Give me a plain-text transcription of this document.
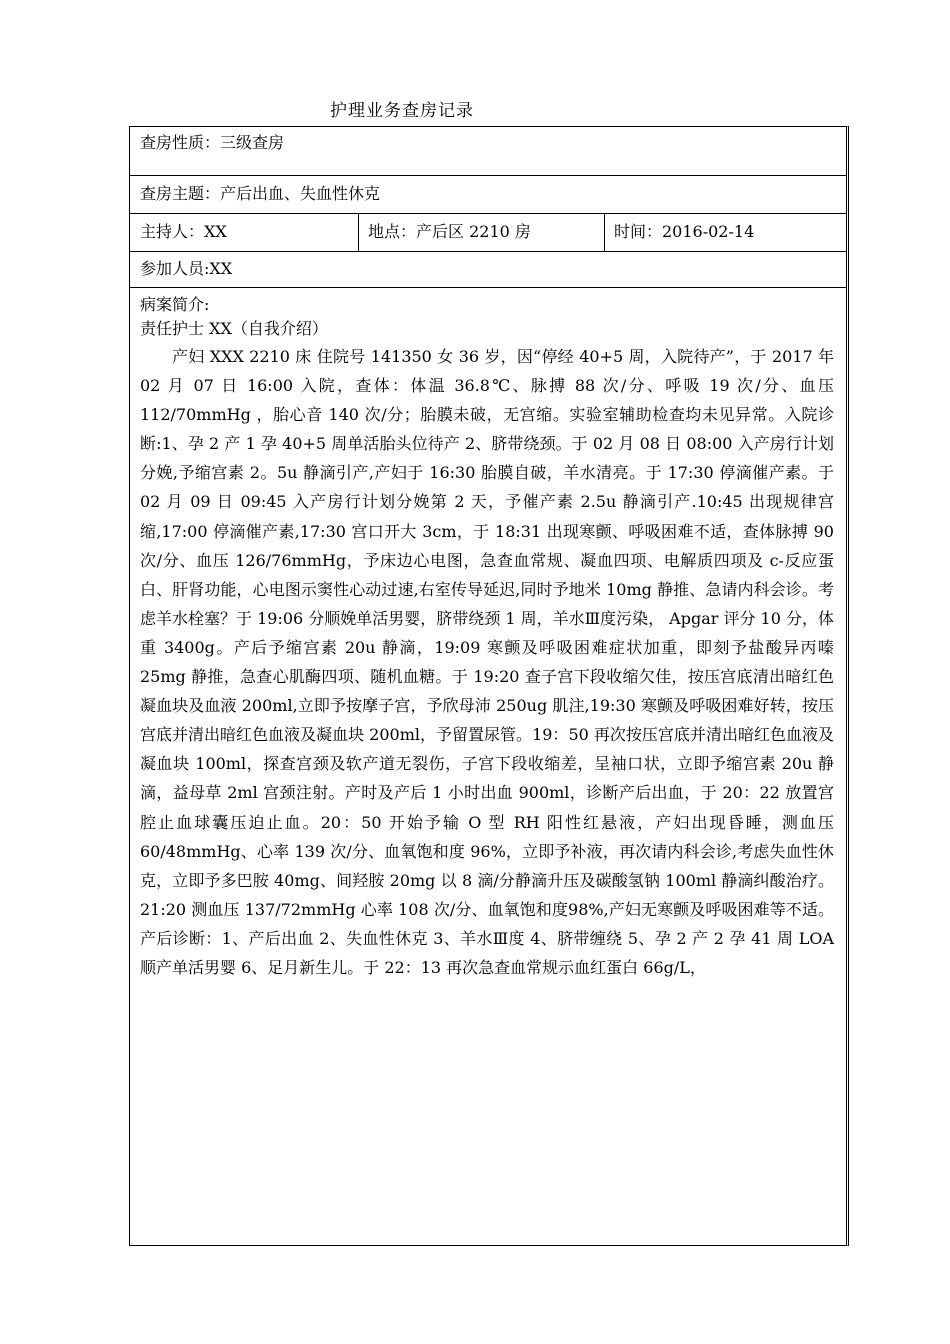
护理业务查房记录
查房性质：三级查房
查房主题：产后出血、失血性休克
主持人：XX	地点：产后区 2210 房	时间：2016-02-14
参加人员:XX
病案简介:
责任护士 XX（自我介绍）

产妇 XXX 2210 床 住院号 141350 女 36 岁，因“停经 40+5 周，入院待产”，于 2017 年 02 月 07 日 16:00 入院，查体：体温 36.8℃、脉搏 88 次/分、呼吸 19 次/分、血压 112/70mmHg ，胎心音 140 次/分；胎膜未破，无宫缩。实验室辅助检查均未见异常。入院诊断:1、孕 2 产 1 孕 40+5 周单活胎头位待产 2、脐带绕颈。于 02 月 08 日 08:00 入产房行计划分娩,予缩宫素 2。5u 静滴引产,产妇于 16:30 胎膜自破，羊水清亮。于 17:30 停滴催产素。于 02 月 09 日 09:45 入产房行计划分娩第 2 天，予催产素 2.5u 静滴引产.10:45 出现规律宫缩,17:00 停滴催产素,17:30 宫口开大 3cm，于 18:31 出现寒颤、呼吸困难不适，查体脉搏 90 次/分、血压 126/76mmHg，予床边心电图，急查血常规、凝血四项、电解质四项及 c-反应蛋白、肝肾功能，心电图示窦性心动过速,右室传导延迟,同时予地米 10mg 静推、急请内科会诊。考虑羊水栓塞？于 19:06 分顺娩单活男婴，脐带绕颈 1 周，羊水Ⅲ度污染， Apgar 评分 10 分，体重 3400g。产后予缩宫素 20u 静滴，19:09 寒颤及呼吸困难症状加重，即刻予盐酸异丙嗪 25mg 静推，急查心肌酶四项、随机血糖。于 19:20 查子宫下段收缩欠佳，按压宫底清出暗红色凝血块及血液 200ml,立即予按摩子宫，予欣母沛 250ug 肌注,19:30 寒颤及呼吸困难好转，按压宫底并清出暗红色血液及凝血块 200ml，予留置尿管。19：50 再次按压宫底并清出暗红色血液及凝血块 100ml，探查宫颈及软产道无裂伤，子宫下段收缩差，呈袖口状，立即予缩宫素 20u 静滴，益母草 2ml 宫颈注射。产时及产后 1 小时出血 900ml，诊断产后出血，于 20：22 放置宫腔止血球囊压迫止血。20：50 开始予输 O 型 RH 阳性红悬液，产妇出现昏睡，测血压 60/48mmHg、心率 139 次/分、血氧饱和度 96%，立即予补液，再次请内科会诊,考虑失血性休克，立即予多巴胺 40mg、间羟胺 20mg 以 8 滴/分静滴升压及碳酸氢钠 100ml 静滴纠酸治疗。21:20 测血压 137/72mmHg 心率 108 次/分、血氧饱和度98%,产妇无寒颤及呼吸困难等不适。产后诊断：1、产后出血 2、失血性休克 3、羊水Ⅲ度 4、脐带缠绕 5、孕 2 产 2 孕 41 周 LOA 顺产单活男婴 6、足月新生儿。于 22：13 再次急查血常规示血红蛋白 66g/L，
